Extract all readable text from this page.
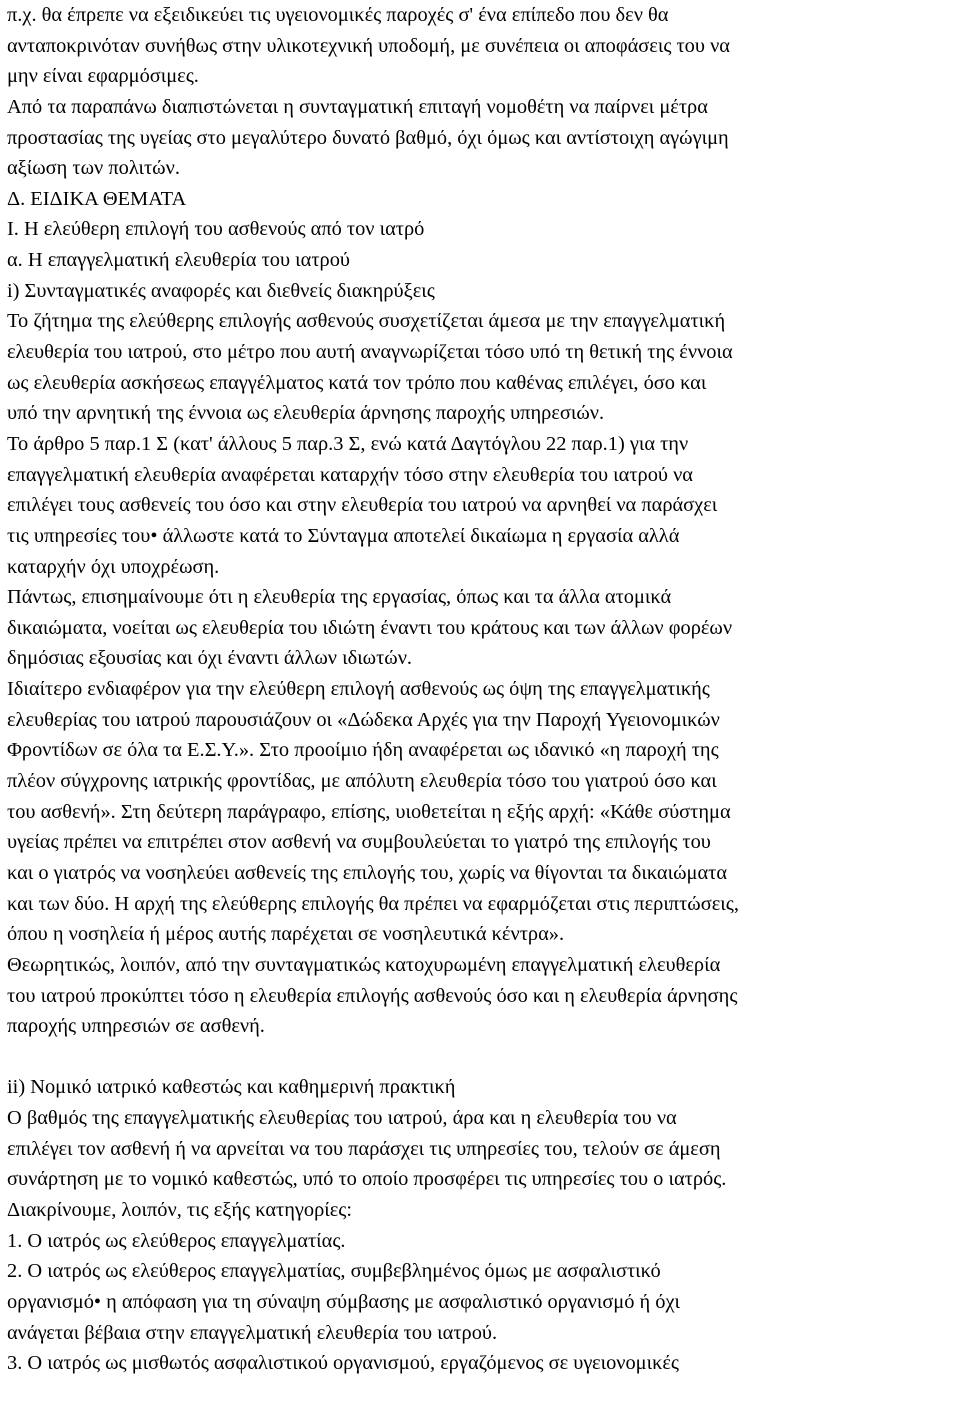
π.χ. θα έπρεπε να εξειδικεύει τις υγειονομικές παροχές σ' ένα επίπεδο που δεν θα
ανταποκρινόταν συνήθως στην υλικοτεχνική υποδομή, με συνέπεια οι αποφάσεις του να
μην είναι εφαρμόσιμες.
Από τα παραπάνω διαπιστώνεται η συνταγματική επιταγή νομοθέτη να παίρνει μέτρα
προστασίας της υγείας στο μεγαλύτερο δυνατό βαθμό, όχι όμως και αντίστοιχη αγώγιμη
αξίωση των πολιτών.
Δ. ΕΙΔΙΚΑ ΘΕΜΑΤΑ
Ι. Η ελεύθερη επιλογή του ασθενούς από τον ιατρό
α. Η επαγγελματική ελευθερία του ιατρού
i) Συνταγματικές αναφορές και διεθνείς διακηρύξεις
Το ζήτημα της ελεύθερης επιλογής ασθενούς συσχετίζεται άμεσα με την επαγγελματική
ελευθερία του ιατρού, στο μέτρο που αυτή αναγνωρίζεται τόσο υπό τη θετική της έννοια
ως ελευθερία ασκήσεως επαγγέλματος κατά τον τρόπο που καθένας επιλέγει, όσο και
υπό την αρνητική της έννοια ως ελευθερία άρνησης παροχής υπηρεσιών.
Το άρθρο 5 παρ.1 Σ (κατ' άλλους 5 παρ.3 Σ, ενώ κατά Δαγτόγλου 22 παρ.1) για την
επαγγελματική ελευθερία αναφέρεται καταρχήν τόσο στην ελευθερία του ιατρού να
επιλέγει τους ασθενείς του όσο και στην ελευθερία του ιατρού να αρνηθεί να παράσχει
τις υπηρεσίες του• άλλωστε κατά το Σύνταγμα αποτελεί δικαίωμα η εργασία αλλά
καταρχήν όχι υποχρέωση.
Πάντως, επισημαίνουμε ότι η ελευθερία της εργασίας, όπως και τα άλλα ατομικά
δικαιώματα, νοείται ως ελευθερία του ιδιώτη έναντι του κράτους και των άλλων φορέων
δημόσιας εξουσίας και όχι έναντι άλλων ιδιωτών.
Ιδιαίτερο ενδιαφέρον για την ελεύθερη επιλογή ασθενούς ως όψη της επαγγελματικής
ελευθερίας του ιατρού παρουσιάζουν οι «Δώδεκα Αρχές για την Παροχή Υγειονομικών
Φροντίδων σε όλα τα Ε.Σ.Υ.». Στο προοίμιο ήδη αναφέρεται ως ιδανικό «η παροχή της
πλέον σύγχρονης ιατρικής φροντίδας, με απόλυτη ελευθερία τόσο του γιατρού όσο και
του ασθενή». Στη δεύτερη παράγραφο, επίσης, υιοθετείται η εξής αρχή: «Κάθε σύστημα
υγείας πρέπει να επιτρέπει στον ασθενή να συμβουλεύεται το γιατρό της επιλογής του
και ο γιατρός να νοσηλεύει ασθενείς της επιλογής του, χωρίς να θίγονται τα δικαιώματα
και των δύο. Η αρχή της ελεύθερης επιλογής θα πρέπει να εφαρμόζεται στις περιπτώσεις,
όπου η νοσηλεία ή μέρος αυτής παρέχεται σε νοσηλευτικά κέντρα».
Θεωρητικώς, λοιπόν, από την συνταγματικώς κατοχυρωμένη επαγγελματική ελευθερία
του ιατρού προκύπτει τόσο η ελευθερία επιλογής ασθενούς όσο και η ελευθερία άρνησης
παροχής υπηρεσιών σε ασθενή.
ii) Νομικό ιατρικό καθεστώς και καθημερινή πρακτική
Ο βαθμός της επαγγελματικής ελευθερίας του ιατρού, άρα και η ελευθερία του να
επιλέγει τον ασθενή ή να αρνείται να του παράσχει τις υπηρεσίες του, τελούν σε άμεση
συνάρτηση με το νομικό καθεστώς, υπό το οποίο προσφέρει τις υπηρεσίες του ο ιατρός.
Διακρίνουμε, λοιπόν, τις εξής κατηγορίες:
1. Ο ιατρός ως ελεύθερος επαγγελματίας.
2. Ο ιατρός ως ελεύθερος επαγγελματίας, συμβεβλημένος όμως με ασφαλιστικό
οργανισμό• η απόφαση για τη σύναψη σύμβασης με ασφαλιστικό οργανισμό ή όχι
ανάγεται βέβαια στην επαγγελματική ελευθερία του ιατρού.
3. Ο ιατρός ως μισθωτός ασφαλιστικού οργανισμού, εργαζόμενος σε υγειονομικές
